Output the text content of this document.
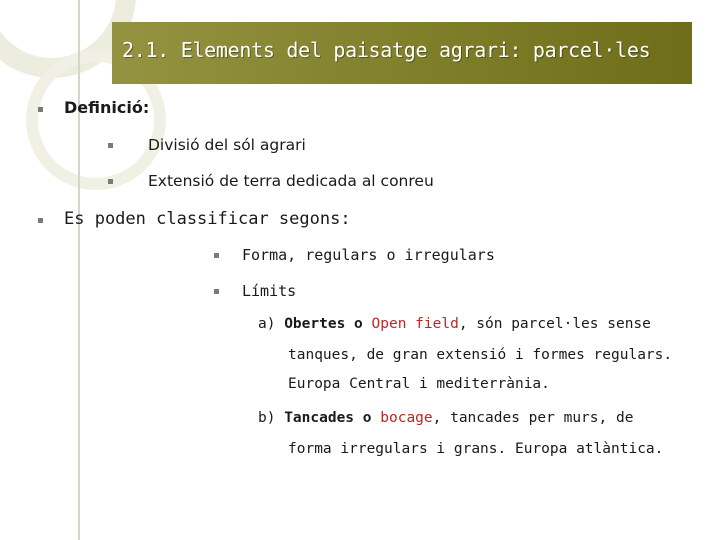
2.1. Elements del paisatge agrari: parcel·les
Definició:
Divisió del sól agrari
Extensió de terra dedicada al conreu
Es poden classificar segons:
Forma, regulars o irregulars
Límits
a) Obertes o Open field, són parcel·les sense
tanques, de gran extensió i formes regulars.
Europa Central i mediterrània.
b) Tancades o bocage, tancades per murs, de
forma irregulars i grans. Europa atlàntica.
